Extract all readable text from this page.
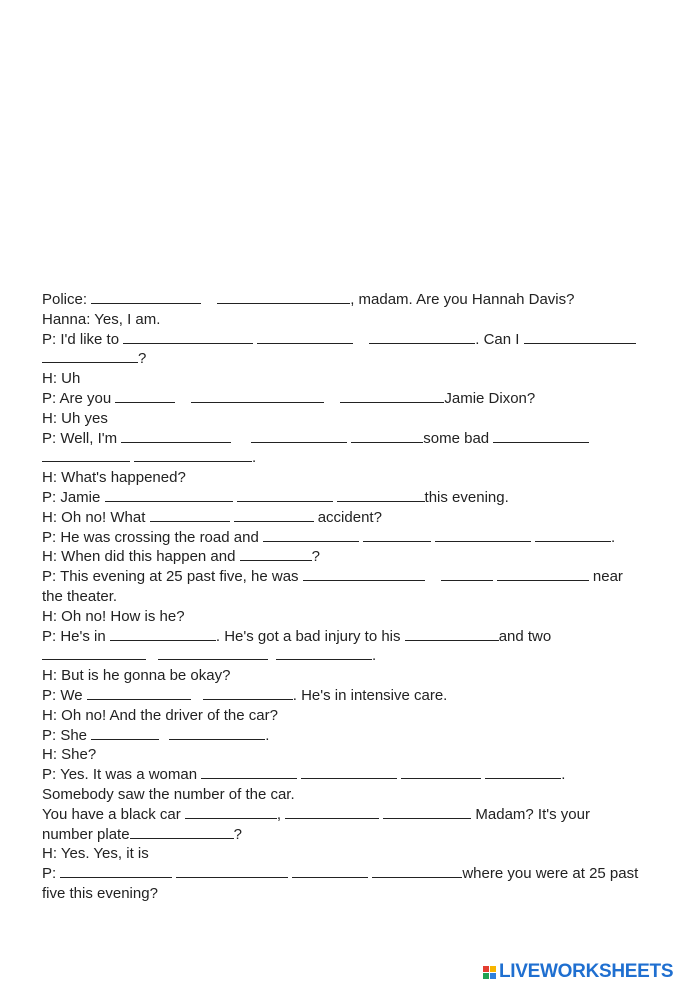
Police:	, madam. Are you Hannah Davis?
Hanna: Yes, I am.
P: I'd like to	. Can I
?
H: Uh
P: Are you	Jamie Dixon?
H: Uh yes
P: Well, I'm	some bad
.
H: What's happened?
P: Jamie	this evening.
H: Oh no! What	accident?
P: He was crossing the road and	.
H: When did this happen and	?
P: This evening at 25 past five, he was	near
the theater.
H: Oh no! How is he?
P: He's in	. He's got a bad injury to his	and two
.
H: But is he gonna be okay?
P: We	. He's in intensive care.
H: Oh no! And the driver of the car?
P: She	.
H: She?
P: Yes. It was a woman	.
Somebody saw the number of the car.
You have a black car	,	Madam? It's your
number plate	?
H: Yes. Yes, it is
P:	where you were at 25 past
five this evening?
LIVEWORKSHEETS
